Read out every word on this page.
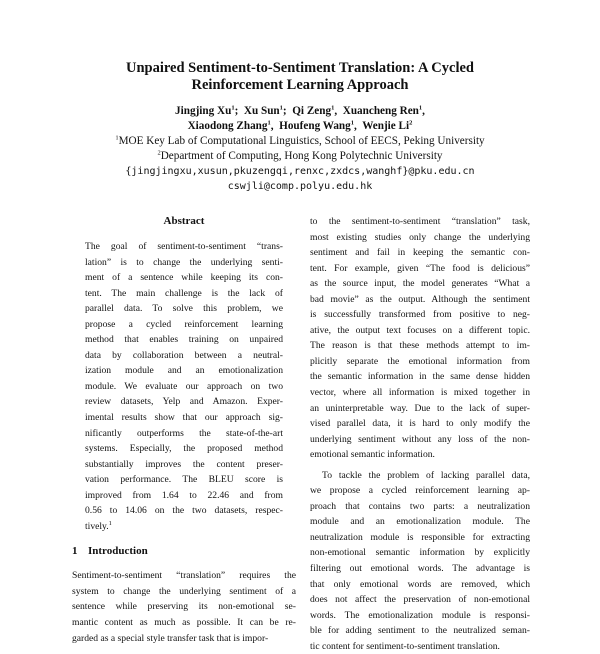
Unpaired Sentiment-to-Sentiment Translation: A Cycled
Reinforcement Learning Approach
Jingjing Xu$^1$;  Xu Sun$^1$;  Qi Zeng$^1$,  Xuancheng Ren$^1$,
Xiaodong Zhang$^1$,  Houfeng Wang$^1$,  Wenjie Li$^2$
$^1$MOE Key Lab of Computational Linguistics, School of EECS, Peking University
$^2$Department of Computing, Hong Kong Polytechnic University
{jingjingxu,xusun,pkuzengqi,renxc,zxdcs,wanghf}@pku.edu.cn
cswjli@comp.polyu.edu.hk
Abstract
The goal of sentiment-to-sentiment “trans-
lation” is to change the underlying senti-
ment of a sentence while keeping its con-
tent. The main challenge is the lack of
parallel data. To solve this problem, we
propose a cycled reinforcement learning
method that enables training on unpaired
data by collaboration between a neutral-
ization module and an emotionalization
module. We evaluate our approach on two
review datasets, Yelp and Amazon. Exper-
imental results show that our approach sig-
nificantly outperforms the state-of-the-art
systems. Especially, the proposed method
substantially improves the content preser-
vation performance. The BLEU score is
improved from 1.64 to 22.46 and from
0.56 to 14.06 on the two datasets, respec-
tively.$^1$
1 Introduction
Sentiment-to-sentiment “translation” requires the
system to change the underlying sentiment of a
sentence while preserving its non-emotional se-
mantic content as much as possible. It can be re-
garded as a special style transfer task that is impor-
to the sentiment-to-sentiment “translation” task,
most existing studies only change the underlying
sentiment and fail in keeping the semantic con-
tent. For example, given “The food is delicious”
as the source input, the model generates “What a
bad movie” as the output. Although the sentiment
is successfully transformed from positive to neg-
ative, the output text focuses on a different topic.
The reason is that these methods attempt to im-
plicitly separate the emotional information from
the semantic information in the same dense hidden
vector, where all information is mixed together in
an uninterpretable way. Due to the lack of super-
vised parallel data, it is hard to only modify the
underlying sentiment without any loss of the non-
emotional semantic information.
To tackle the problem of lacking parallel data,
we propose a cycled reinforcement learning ap-
proach that contains two parts: a neutralization
module and an emotionalization module. The
neutralization module is responsible for extracting
non-emotional semantic information by explicitly
filtering out emotional words. The advantage is
that only emotional words are removed, which
does not affect the preservation of non-emotional
words. The emotionalization module is responsi-
ble for adding sentiment to the neutralized seman-
tic content for sentiment-to-sentiment translation.
